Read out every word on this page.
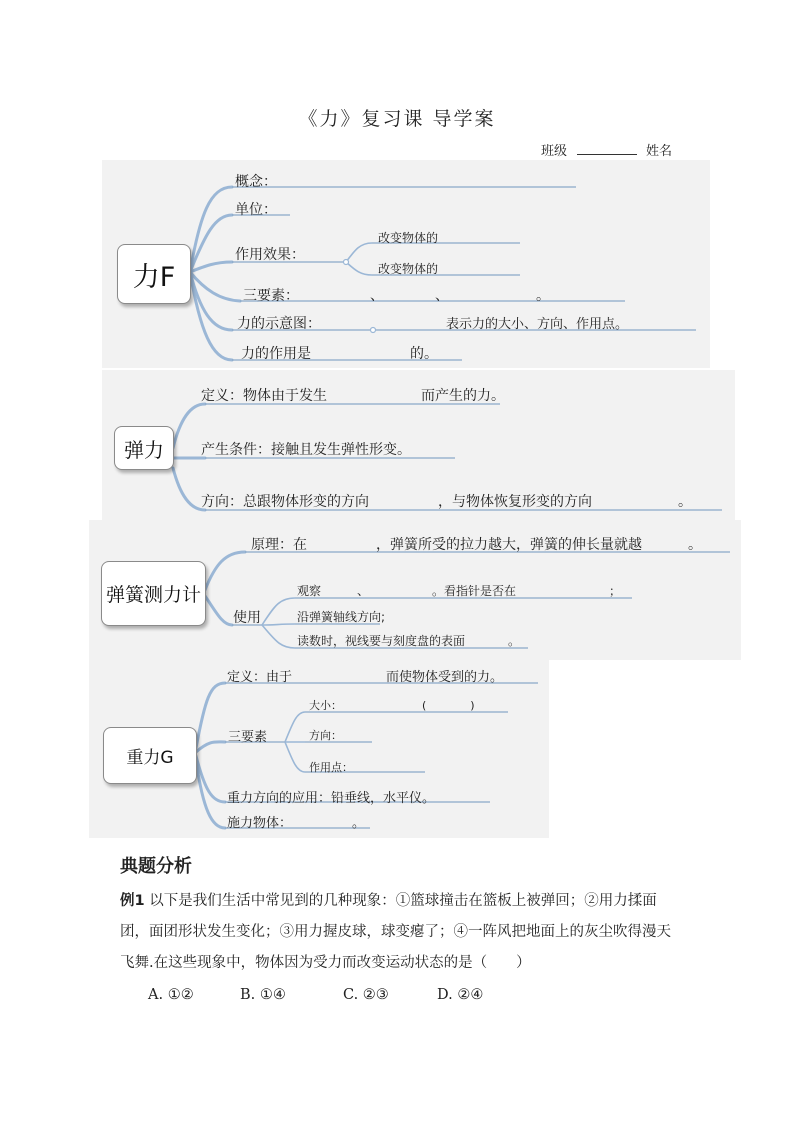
《力》复习课 导学案
班级	姓名
力F
概念：
单位：
作用效果：
改变物体的
改变物体的
三要素：	、	、	。
力的示意图：	表示力的大小、方向、作用点。
力的作用是	的。
弹力
定义：物体由于发生	而产生的力。
产生条件：接触且发生弹性形变。
方向：总跟物体形变的方向	，与物体恢复形变的方向	。
弹簧测力计
原理：在	，弹簧所受的拉力越大，弹簧的伸长量就越	。
使用
观察	、	。看指针是否在	；
沿弹簧轴线方向;
读数时，视线要与刻度盘的表面	。
重力G
定义：由于	而使物体受到的力。
三要素
大小：	(　　　　)
方向：
作用点：
重力方向的应用：铅垂线，水平仪。
施力物体：	。
典题分析
例1 以下是我们生活中常见到的几种现象：①篮球撞击在篮板上被弹回；②用力揉面团，面团形状发生变化；③用力握皮球，球变瘪了；④一阵风把地面上的灰尘吹得漫天飞舞.在这些现象中，物体因为受力而改变运动状态的是（　　）
A. ①②	B. ①④	C. ②③	D. ②④
